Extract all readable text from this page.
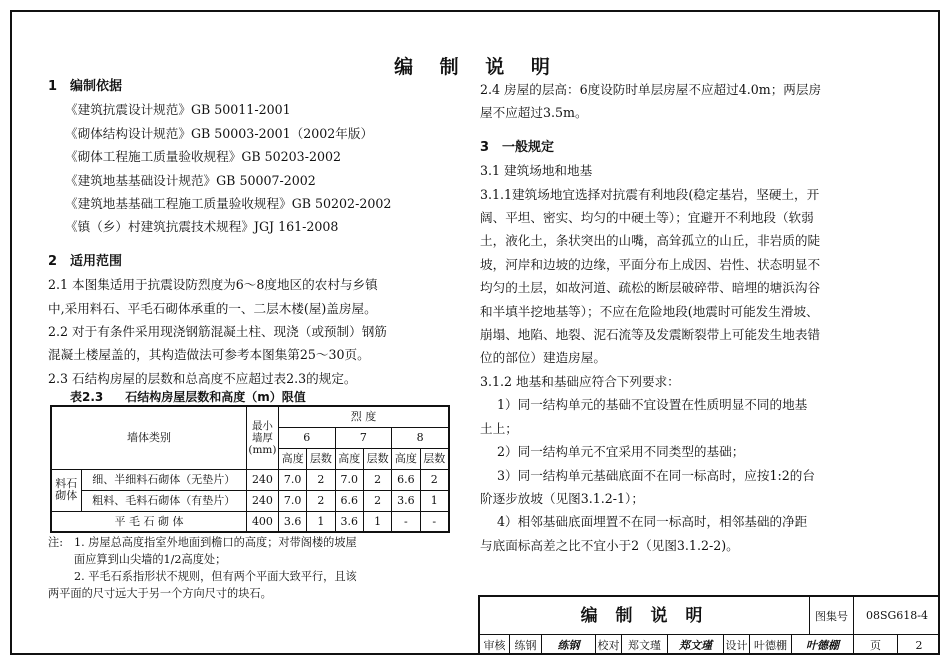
编 制 说 明
1 编制依据
《建筑抗震设计规范》GB 50011-2001
《砌体结构设计规范》GB 50003-2001（2002年版）
《砌体工程施工质量验收规程》GB 50203-2002
《建筑地基基础设计规范》GB 50007-2002
《建筑地基基础工程施工质量验收规程》GB 50202-2002
《镇（乡）村建筑抗震技术规程》JGJ 161-2008
2 适用范围
2.1 本图集适用于抗震设防烈度为6～8度地区的农村与乡镇
中,采用料石、平毛石砌体承重的一、二层木楼(屋)盖房屋。
2.2 对于有条件采用现浇钢筋混凝土柱、现浇（或预制）钢筋
混凝土楼屋盖的，其构造做法可参考本图集第25～30页。
2.3 石结构房屋的层数和总高度不应超过表2.3的规定。
表2.3 石结构房屋层数和高度（m）限值
墙体类别		最小墙厚(mm)	烈 度					
			6		7		8	
			高度	层数	高度	层数	高度	层数
料石砌体	细、半细料石砌体（无垫片）	240	7.0	2	7.0	2	6.6	2
	粗料、毛料石砌体（有垫片）	240	7.0	2	6.6	2	3.6	1
平 毛 石 砌 体		400	3.6	1	3.6	1	-	-
注: 1. 房屋总高度指室外地面到檐口的高度；对带阁楼的坡屋
面应算到山尖墙的1/2高度处；
2. 平毛石系指形状不规则，但有两个平面大致平行，且该
两平面的尺寸远大于另一个方向尺寸的块石。
2.4 房屋的层高：6度设防时单层房屋不应超过4.0m；两层房
屋不应超过3.5m。
3 一般规定
3.1 建筑场地和地基
3.1.1建筑场地宜选择对抗震有利地段(稳定基岩，坚硬土，开
阔、平坦、密实、均匀的中硬土等）；宜避开不利地段（软弱
土，液化土，条状突出的山嘴，高耸孤立的山丘，非岩质的陡
坡，河岸和边坡的边缘，平面分布上成因、岩性、状态明显不
均匀的土层，如故河道、疏松的断层破碎带、暗埋的塘浜沟谷
和半填半挖地基等）；不应在危险地段(地震时可能发生滑坡、
崩塌、地陷、地裂、泥石流等及发震断裂带上可能发生地表错
位的部位）建造房屋。
3.1.2 地基和基础应符合下列要求：
1）同一结构单元的基础不宜设置在性质明显不同的地基
土上；
2）同一结构单元不宜采用不同类型的基础；
3）同一结构单元基础底面不在同一标高时，应按1:2的台
阶逐步放坡（见图3.1.2-1）；
4）相邻基础底面埋置不在同一标高时，相邻基础的净距
与底面标高差之比不宜小于2（见图3.1.2-2)。
编 制 说 明	图集号	08SG618-4
审核 练钢	练钢	校对 郑文瑾	郑文瑾	设计 叶德棚	叶德棚	页	2
